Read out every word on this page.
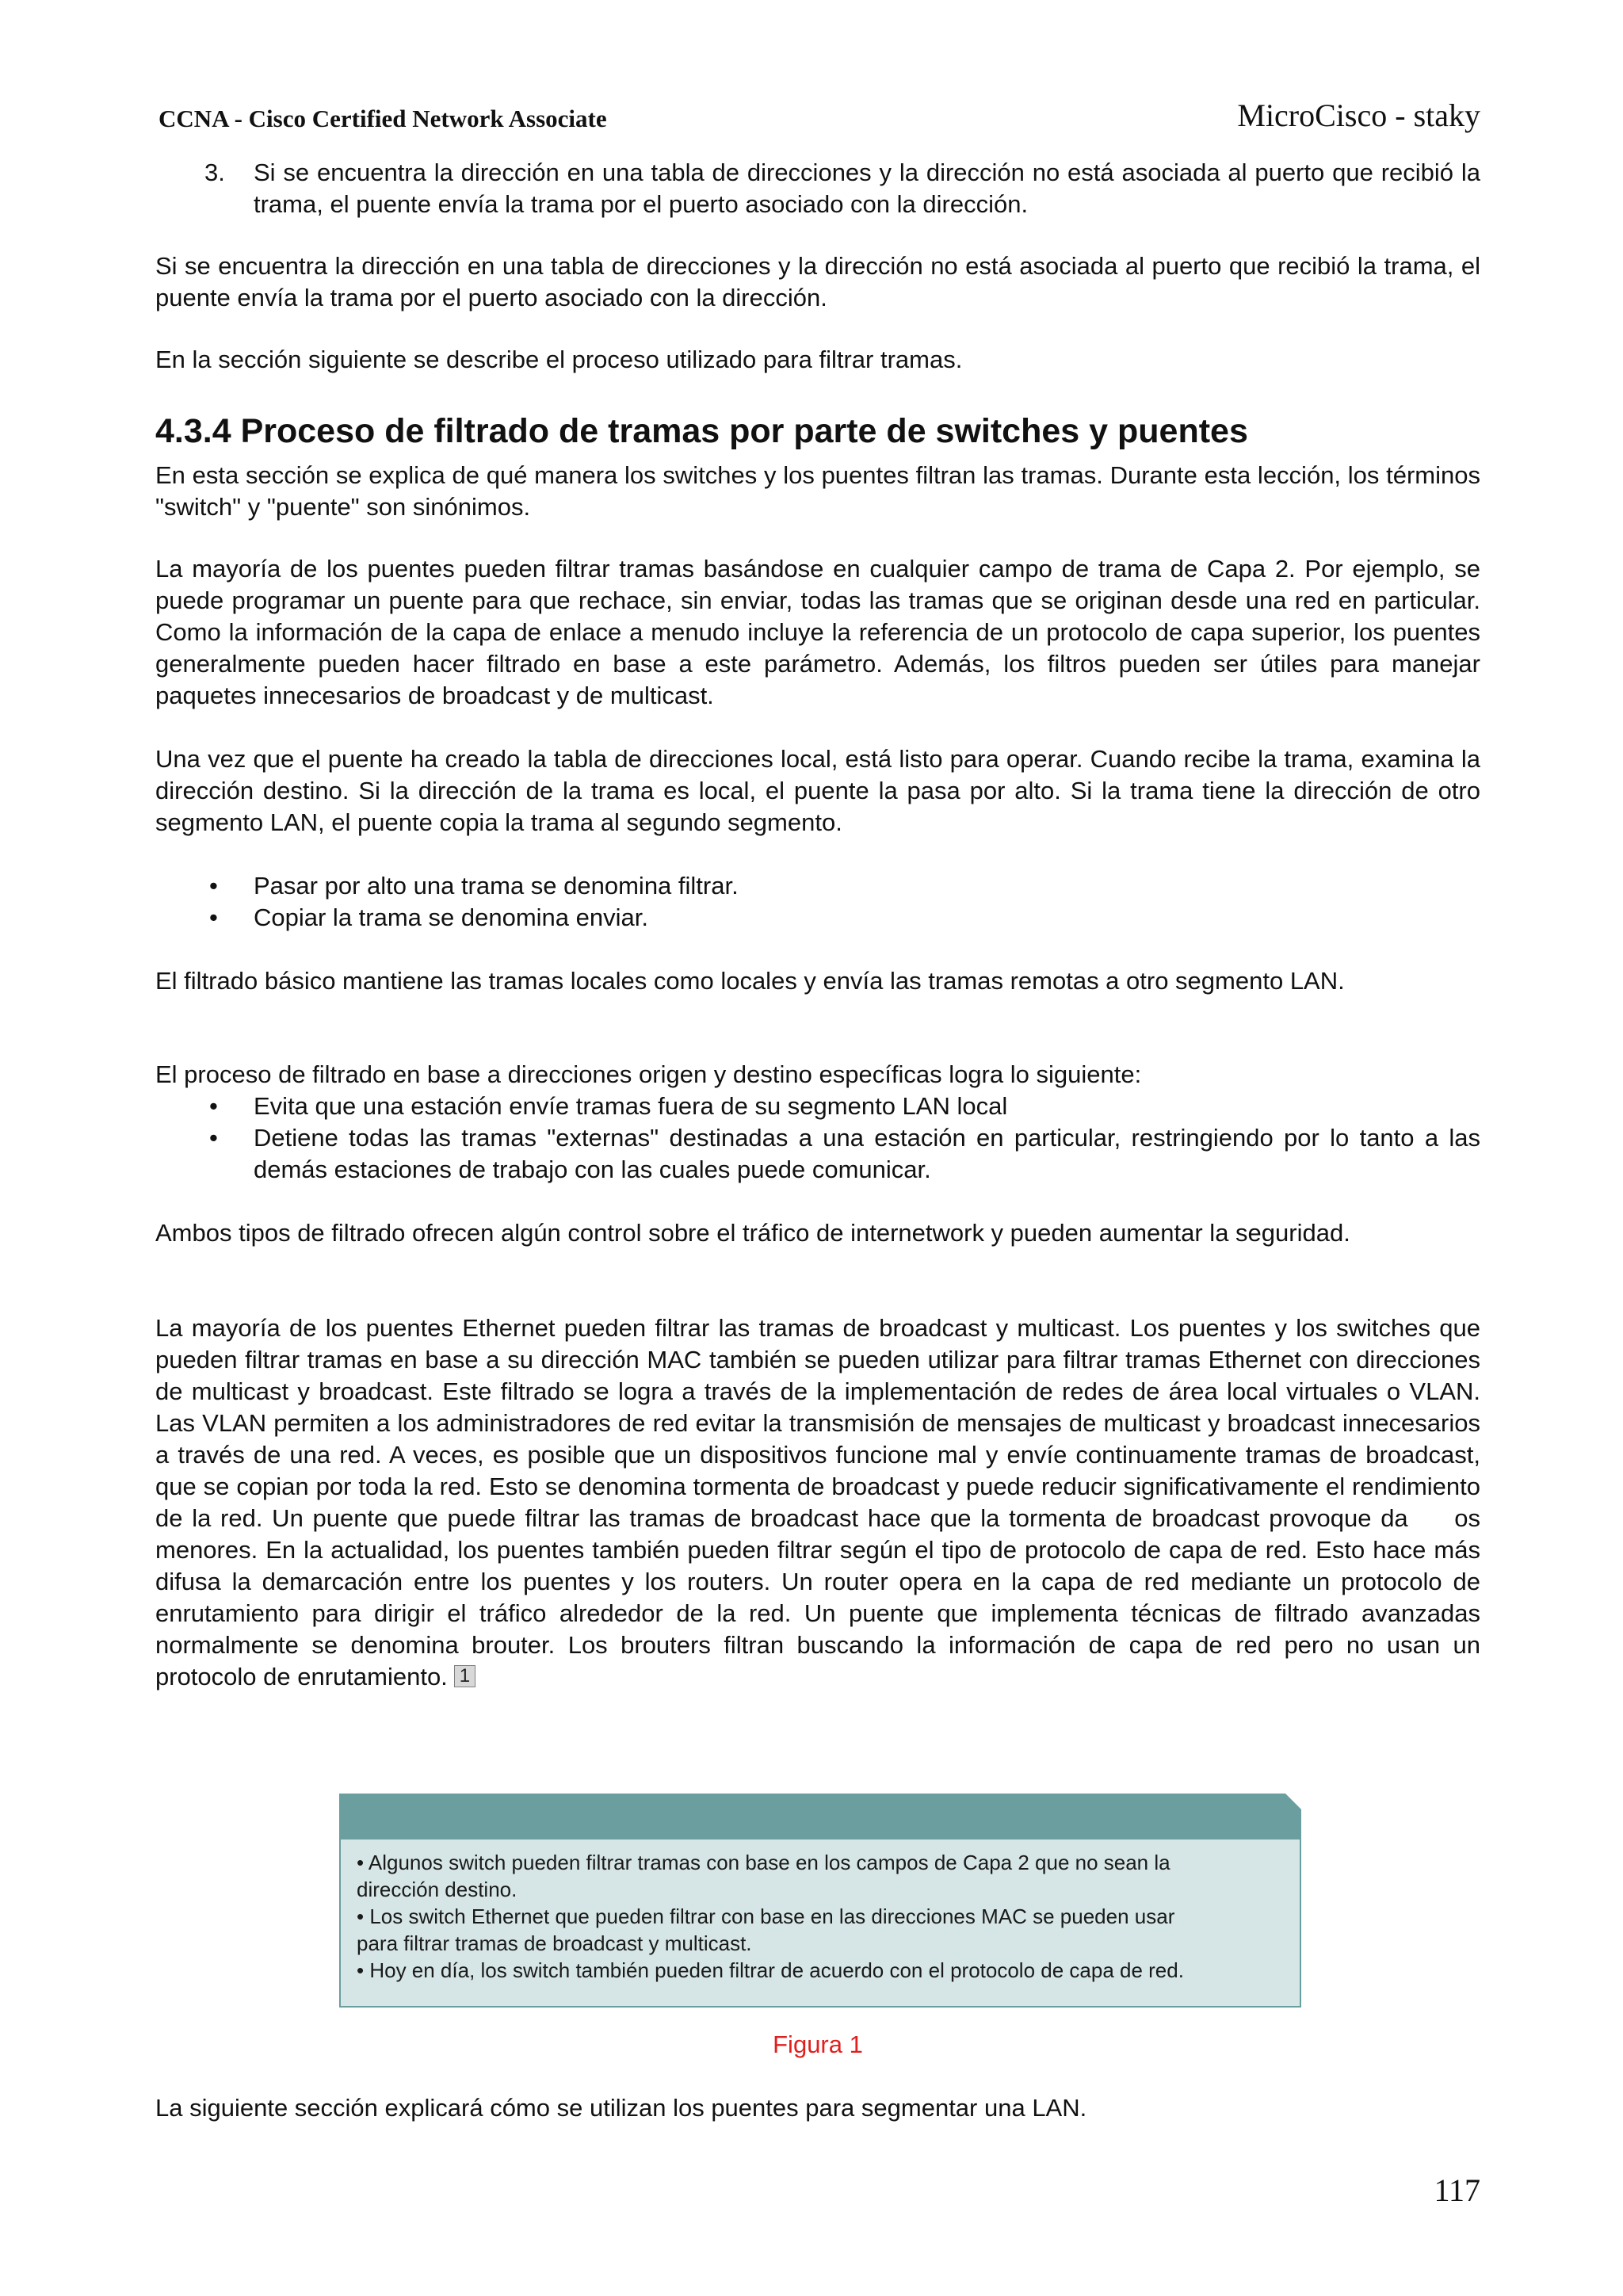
CCNA - Cisco Certified Network Associate	MicroCisco - staky
3. Si se encuentra la dirección en una tabla de direcciones y la dirección no está asociada al puerto que recibió la trama, el puente envía la trama por el puerto asociado con la dirección.

Si se encuentra la dirección en una tabla de direcciones y la dirección no está asociada al puerto que recibió la trama, el puente envía la trama por el puerto asociado con la dirección.

En la sección siguiente se describe el proceso utilizado para filtrar tramas.

4.3.4 Proceso de filtrado de tramas por parte de switches y puentes

En esta sección se explica de qué manera los switches y los puentes filtran las tramas. Durante esta lección, los términos "switch" y "puente" son sinónimos.

La mayoría de los puentes pueden filtrar tramas basándose en cualquier campo de trama de Capa 2. Por ejemplo, se puede programar un puente para que rechace, sin enviar, todas las tramas que se originan desde una red en particular. Como la información de la capa de enlace a menudo incluye la referencia de un protocolo de capa superior, los puentes generalmente pueden hacer filtrado en base a este parámetro. Además, los filtros pueden ser útiles para manejar paquetes innecesarios de broadcast y de multicast.

Una vez que el puente ha creado la tabla de direcciones local, está listo para operar. Cuando recibe la trama, examina la dirección destino. Si la dirección de la trama es local, el puente la pasa por alto. Si la trama tiene la dirección de otro segmento LAN, el puente copia la trama al segundo segmento.

• Pasar por alto una trama se denomina filtrar.
• Copiar la trama se denomina enviar.

El filtrado básico mantiene las tramas locales como locales y envía las tramas remotas a otro segmento LAN.

El proceso de filtrado en base a direcciones origen y destino específicas logra lo siguiente:

• Evita que una estación envíe tramas fuera de su segmento LAN local
• Detiene todas las tramas "externas" destinadas a una estación en particular, restringiendo por lo tanto a las demás estaciones de trabajo con las cuales puede comunicar.

Ambos tipos de filtrado ofrecen algún control sobre el tráfico de internetwork y pueden aumentar la seguridad.

La mayoría de los puentes Ethernet pueden filtrar las tramas de broadcast y multicast. Los puentes y los switches que pueden filtrar tramas en base a su dirección MAC también se pueden utilizar para filtrar tramas Ethernet con direcciones de multicast y broadcast. Este filtrado se logra a través de la implementación de redes de área local virtuales o VLAN. Las VLAN permiten a los administradores de red evitar la transmisión de mensajes de multicast y broadcast innecesarios a través de una red. A veces, es posible que un dispositivos funcione mal y envíe continuamente tramas de broadcast, que se copian por toda la red. Esto se denomina tormenta de broadcast y puede reducir significativamente el rendimiento de la red. Un puente que puede filtrar las tramas de broadcast hace que la tormenta de broadcast provoque da     os menores. En la actualidad, los puentes también pueden filtrar según el tipo de protocolo de capa de red. Esto hace más difusa la demarcación entre los puentes y los routers. Un router opera en la capa de red mediante un protocolo de enrutamiento para dirigir el tráfico alrededor de la red. Un puente que implementa técnicas de filtrado avanzadas normalmente se denomina brouter. Los brouters filtran buscando la información de capa de red pero no usan un protocolo de enrutamiento. 1

• Algunos switch pueden filtrar tramas con base en los campos de Capa 2 que no sean la
dirección destino.
• Los switch Ethernet que pueden filtrar con base en las direcciones MAC se pueden usar
para filtrar tramas de broadcast y multicast.
• Hoy en día, los switch también pueden filtrar de acuerdo con el protocolo de capa de red.
Figura 1

La siguiente sección explicará cómo se utilizan los puentes para segmentar una LAN.

117
